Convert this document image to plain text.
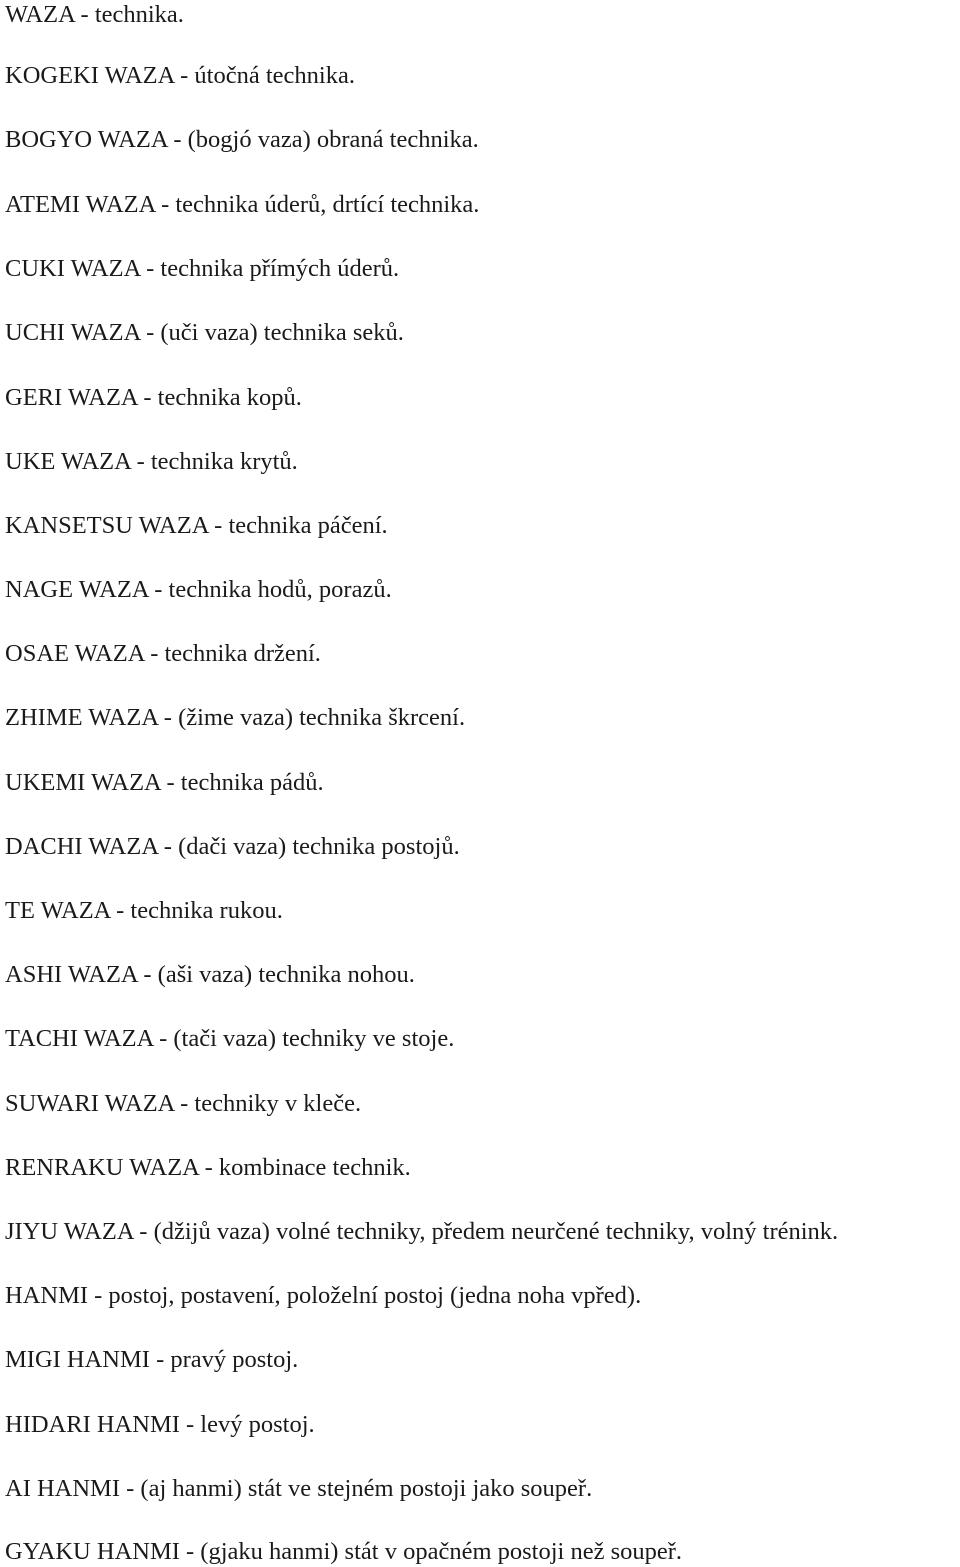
WAZA - technika.
KOGEKI WAZA - útočná technika.
BOGYO WAZA - (bogjó vaza) obraná technika.
ATEMI WAZA - technika úderů, drtící technika.
CUKI WAZA - technika přímých úderů.
UCHI WAZA - (uči vaza) technika seků.
GERI WAZA - technika kopů.
UKE WAZA - technika krytů.
KANSETSU WAZA - technika páčení.
NAGE WAZA - technika hodů, porazů.
OSAE WAZA - technika držení.
ZHIME WAZA - (žime vaza) technika škrcení.
UKEMI WAZA - technika pádů.
DACHI WAZA - (dači vaza) technika postojů.
TE WAZA - technika rukou.
ASHI WAZA - (aši vaza) technika nohou.
TACHI WAZA - (tači vaza) techniky ve stoje.
SUWARI WAZA - techniky v kleče.
RENRAKU WAZA - kombinace technik.
JIYU WAZA - (džijů vaza) volné techniky, předem neurčené techniky, volný trénink.
HANMI - postoj, postavení, položelní postoj (jedna noha vpřed).
MIGI HANMI - pravý postoj.
HIDARI HANMI - levý postoj.
AI HANMI - (aj hanmi) stát ve stejném postoji jako soupeř.
GYAKU HANMI - (gjaku hanmi) stát v opačném postoji než soupeř.
